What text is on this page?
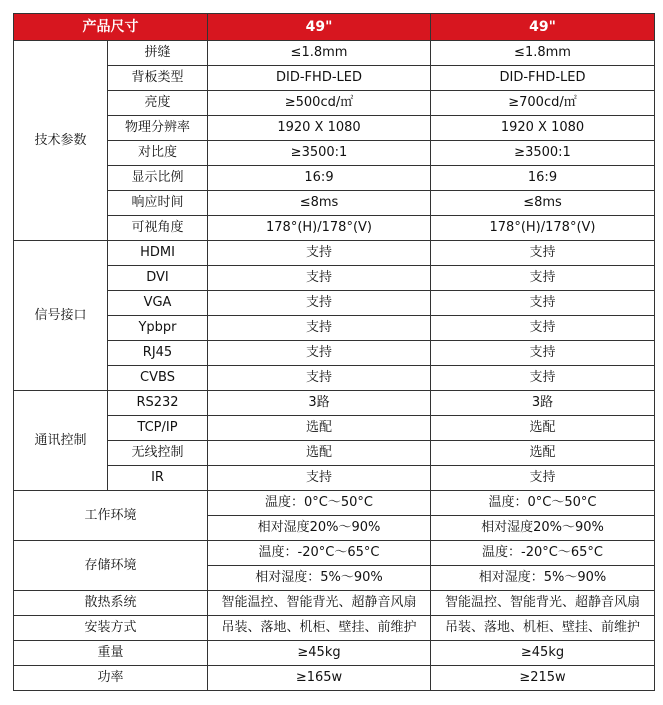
产品尺寸		49"	49"
技术参数	拼缝	≤1.8mm	≤1.8mm
	背板类型	DID-FHD-LED	DID-FHD-LED
	亮度	≥500cd/㎡	≥700cd/㎡
	物理分辨率	1920 X 1080	1920 X 1080
	对比度	≥3500:1	≥3500:1
	显示比例	16:9	16:9
	响应时间	≤8ms	≤8ms
	可视角度	178°(H)/178°(V)	178°(H)/178°(V)
信号接口	HDMI	支持	支持
	DVI	支持	支持
	VGA	支持	支持
	Ypbpr	支持	支持
	RJ45	支持	支持
	CVBS	支持	支持
通讯控制	RS232	3路	3路
	TCP/IP	选配	选配
	无线控制	选配	选配
	IR	支持	支持
工作环境		温度：0°C～50°C	温度：0°C～50°C
		相对湿度20%～90%	相对湿度20%～90%
存储环境		温度：-20°C～65°C	温度：-20°C～65°C
		相对湿度：5%～90%	相对湿度：5%～90%
散热系统		智能温控、智能背光、超静音风扇	智能温控、智能背光、超静音风扇
安装方式		吊装、落地、机柜、壁挂、前维护	吊装、落地、机柜、壁挂、前维护
重量		≥45kg	≥45kg
功率		≥165w	≥215w
